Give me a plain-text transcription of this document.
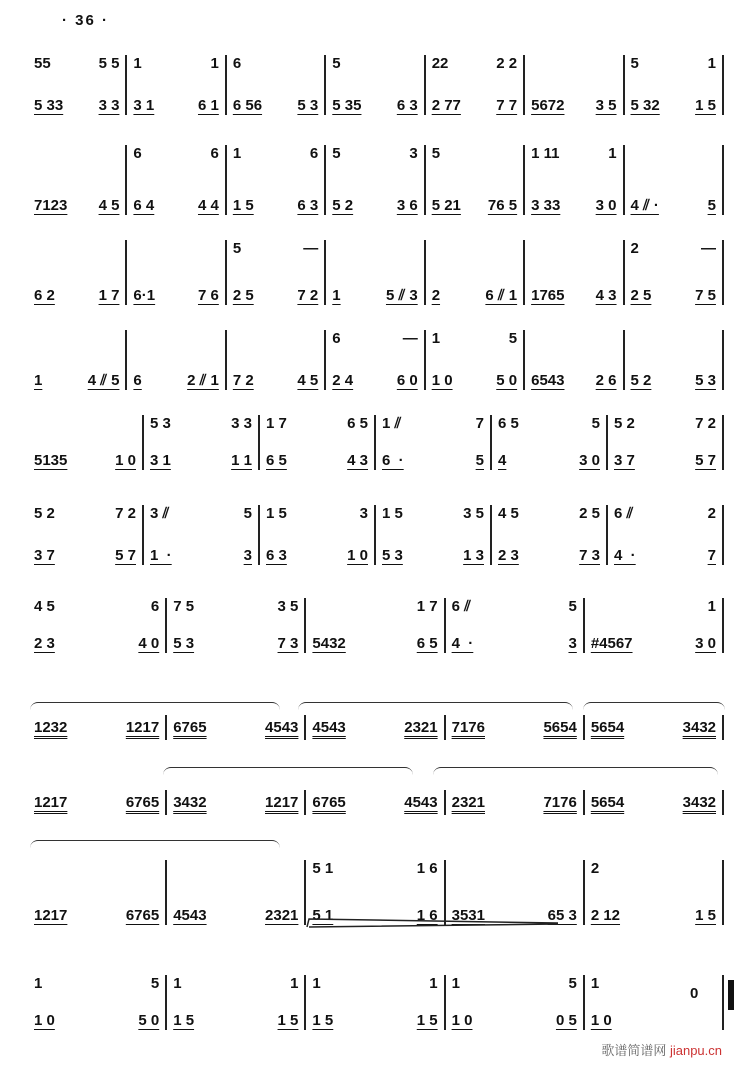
· 36 ·
55	5 5
5 33 3 3
1	1
3 1	6 1
6
6 56 5 3
5
5 35 6 3
22	2 2
2 77 7 7 5672 3 5
5	1
5 32 1 5
7123 4 5
6	6
6 4	4 4
1	6
1 5	6 3
5	3
5 2	3 6
5
5 21 76 5
1 11	1
3 33 3 0 4 ⫽ ·	5
6 2	1 7 6·1	7 6
5	—
2 5	7 2 1	5 ⫽ 3 2	6 ⫽ 1 1765 4 3
2	—
2 5	7 5
1	4 ⫽ 5 6	2 ⫽ 1 7 2	4 5
6	—
2 4	6 0
1	5
1 0	5 0 6543 2 6 5 2	5 3
5135	1 0
5 3	3 3
3 1	1 1
1 7	6 5
6 5	4 3
1 ⫽	7
6  ·	5
6 5	5
4	3 0
5 2	7 2
3 7	5 7
5 2	7 2
3 7	5 7
3 ⫽	5
1  ·	3
1 5	3
6 3	1 0
1 5	3 5
5 3	1 3
4 5	2 5
2 3	7 3
6 ⫽	2
4  ·	7
4 5	6
2 3	4 0
7 5	3 5
5 3	7 3
1 7
5432	6 5
6 ⫽	5
4  ·	3
1
#4567	3 0
1232	1217 6765	4543 4543	2321 7176	5654 5654	3432
1217	6765 3432	1217 6765	4543 2321	7176 5654	3432
1217	6765 4543	2321
5 1	1 6
5 1	1 6 3531	65 3
2
2 12	1 5
1	5
1 0	5 0
1	1
1 5	1 5
1	1
1 5	1 5
1	5
1 0	0 5
1
1 0
0
歌谱简谱网 jianpu.cn
